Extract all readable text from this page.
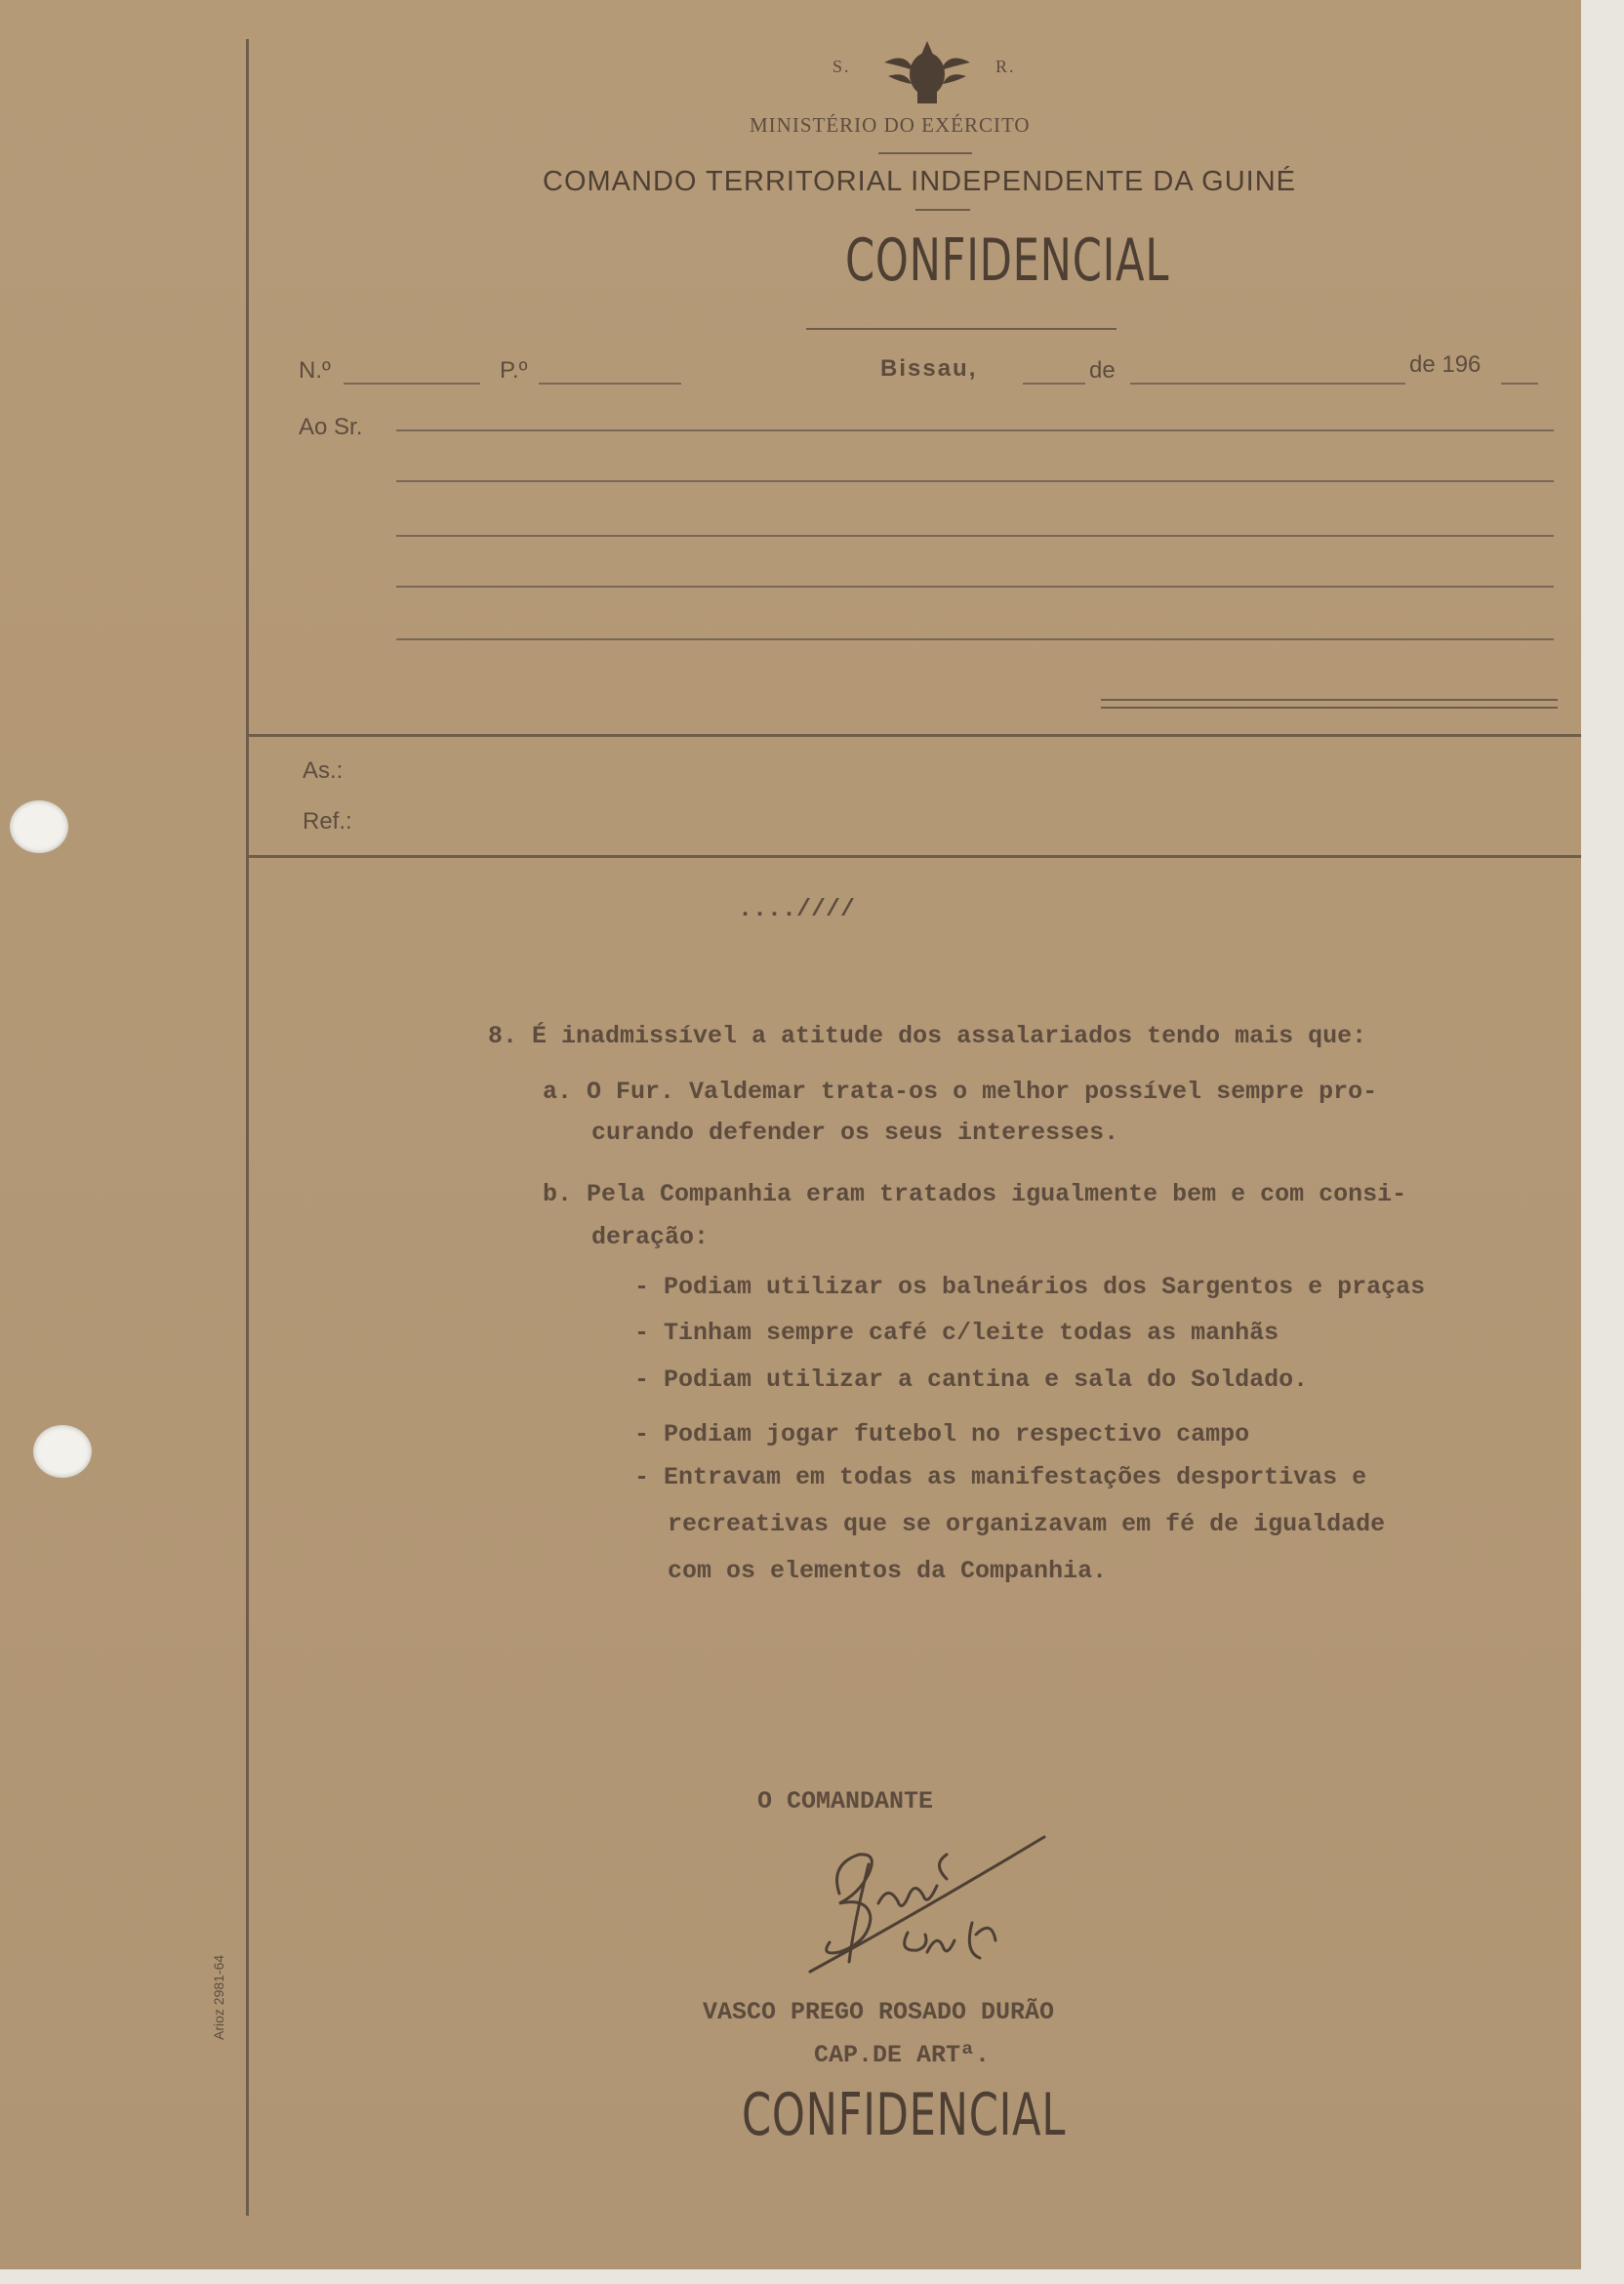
Arioz 2981-64
S.	R.
MINISTÉRIO DO EXÉRCITO
COMANDO TERRITORIAL INDEPENDENTE DA GUINÉ
CONFIDENCIAL
N.º	P.º	Bissau,	de	de 196
Ao Sr.
As.:
Ref.:
....////
8. É inadmissível a atitude dos assalariados tendo mais que:
a. O Fur. Valdemar trata-os o melhor possível sempre pro-
curando defender os seus interesses.
b. Pela Companhia eram tratados igualmente bem e com consi-
deração:
- Podiam utilizar os balneários dos Sargentos e praças
- Tinham sempre café c/leite todas as manhãs
- Podiam utilizar a cantina e sala do Soldado.
- Podiam jogar futebol no respectivo campo
- Entravam em todas as manifestações desportivas e
recreativas que se organizavam em fé de igualdade
com os elementos da Companhia.
O COMANDANTE
VASCO PREGO ROSADO DURÃO
CAP.DE ARTª.
CONFIDENCIAL
